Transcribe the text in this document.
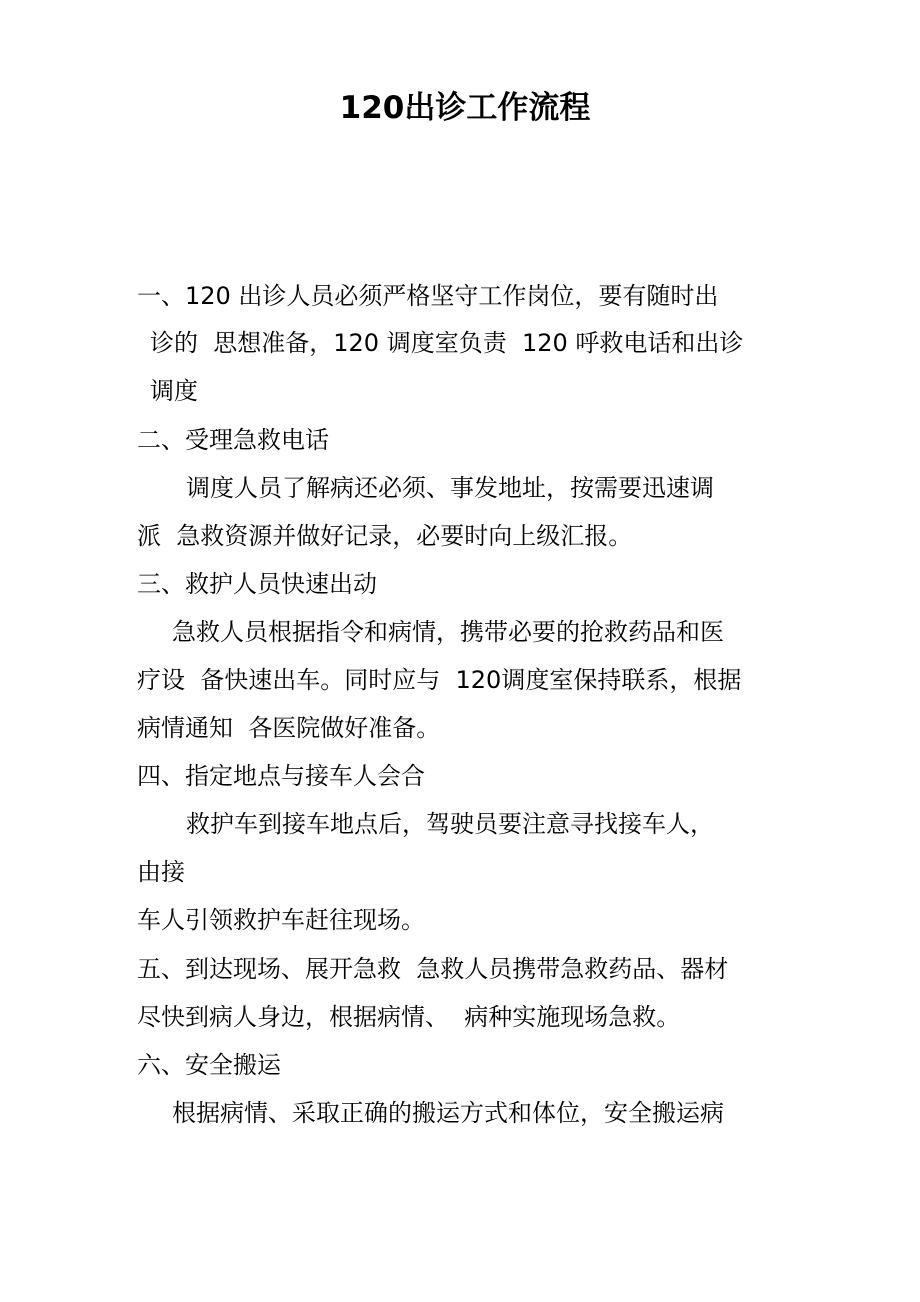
120出诊工作流程
一、120 出诊人员必须严格坚守工作岗位，要有随时出
诊的  思想准备，120 调度室负责  120 呼救电话和出诊
调度
二、受理急救电话
调度人员了解病还必须、事发地址，按需要迅速调
派  急救资源并做好记录，必要时向上级汇报。
三、救护人员快速出动
急救人员根据指令和病情，携带必要的抢救药品和医
疗设  备快速出车。同时应与  120调度室保持联系，根据
病情通知  各医院做好准备。
四、指定地点与接车人会合
救护车到接车地点后，驾驶员要注意寻找接车人，
由接
车人引领救护车赶往现场。
五、到达现场、展开急救  急救人员携带急救药品、器材
尽快到病人身边，根据病情、  病种实施现场急救。
六、安全搬运
根据病情、采取正确的搬运方式和体位，安全搬运病
